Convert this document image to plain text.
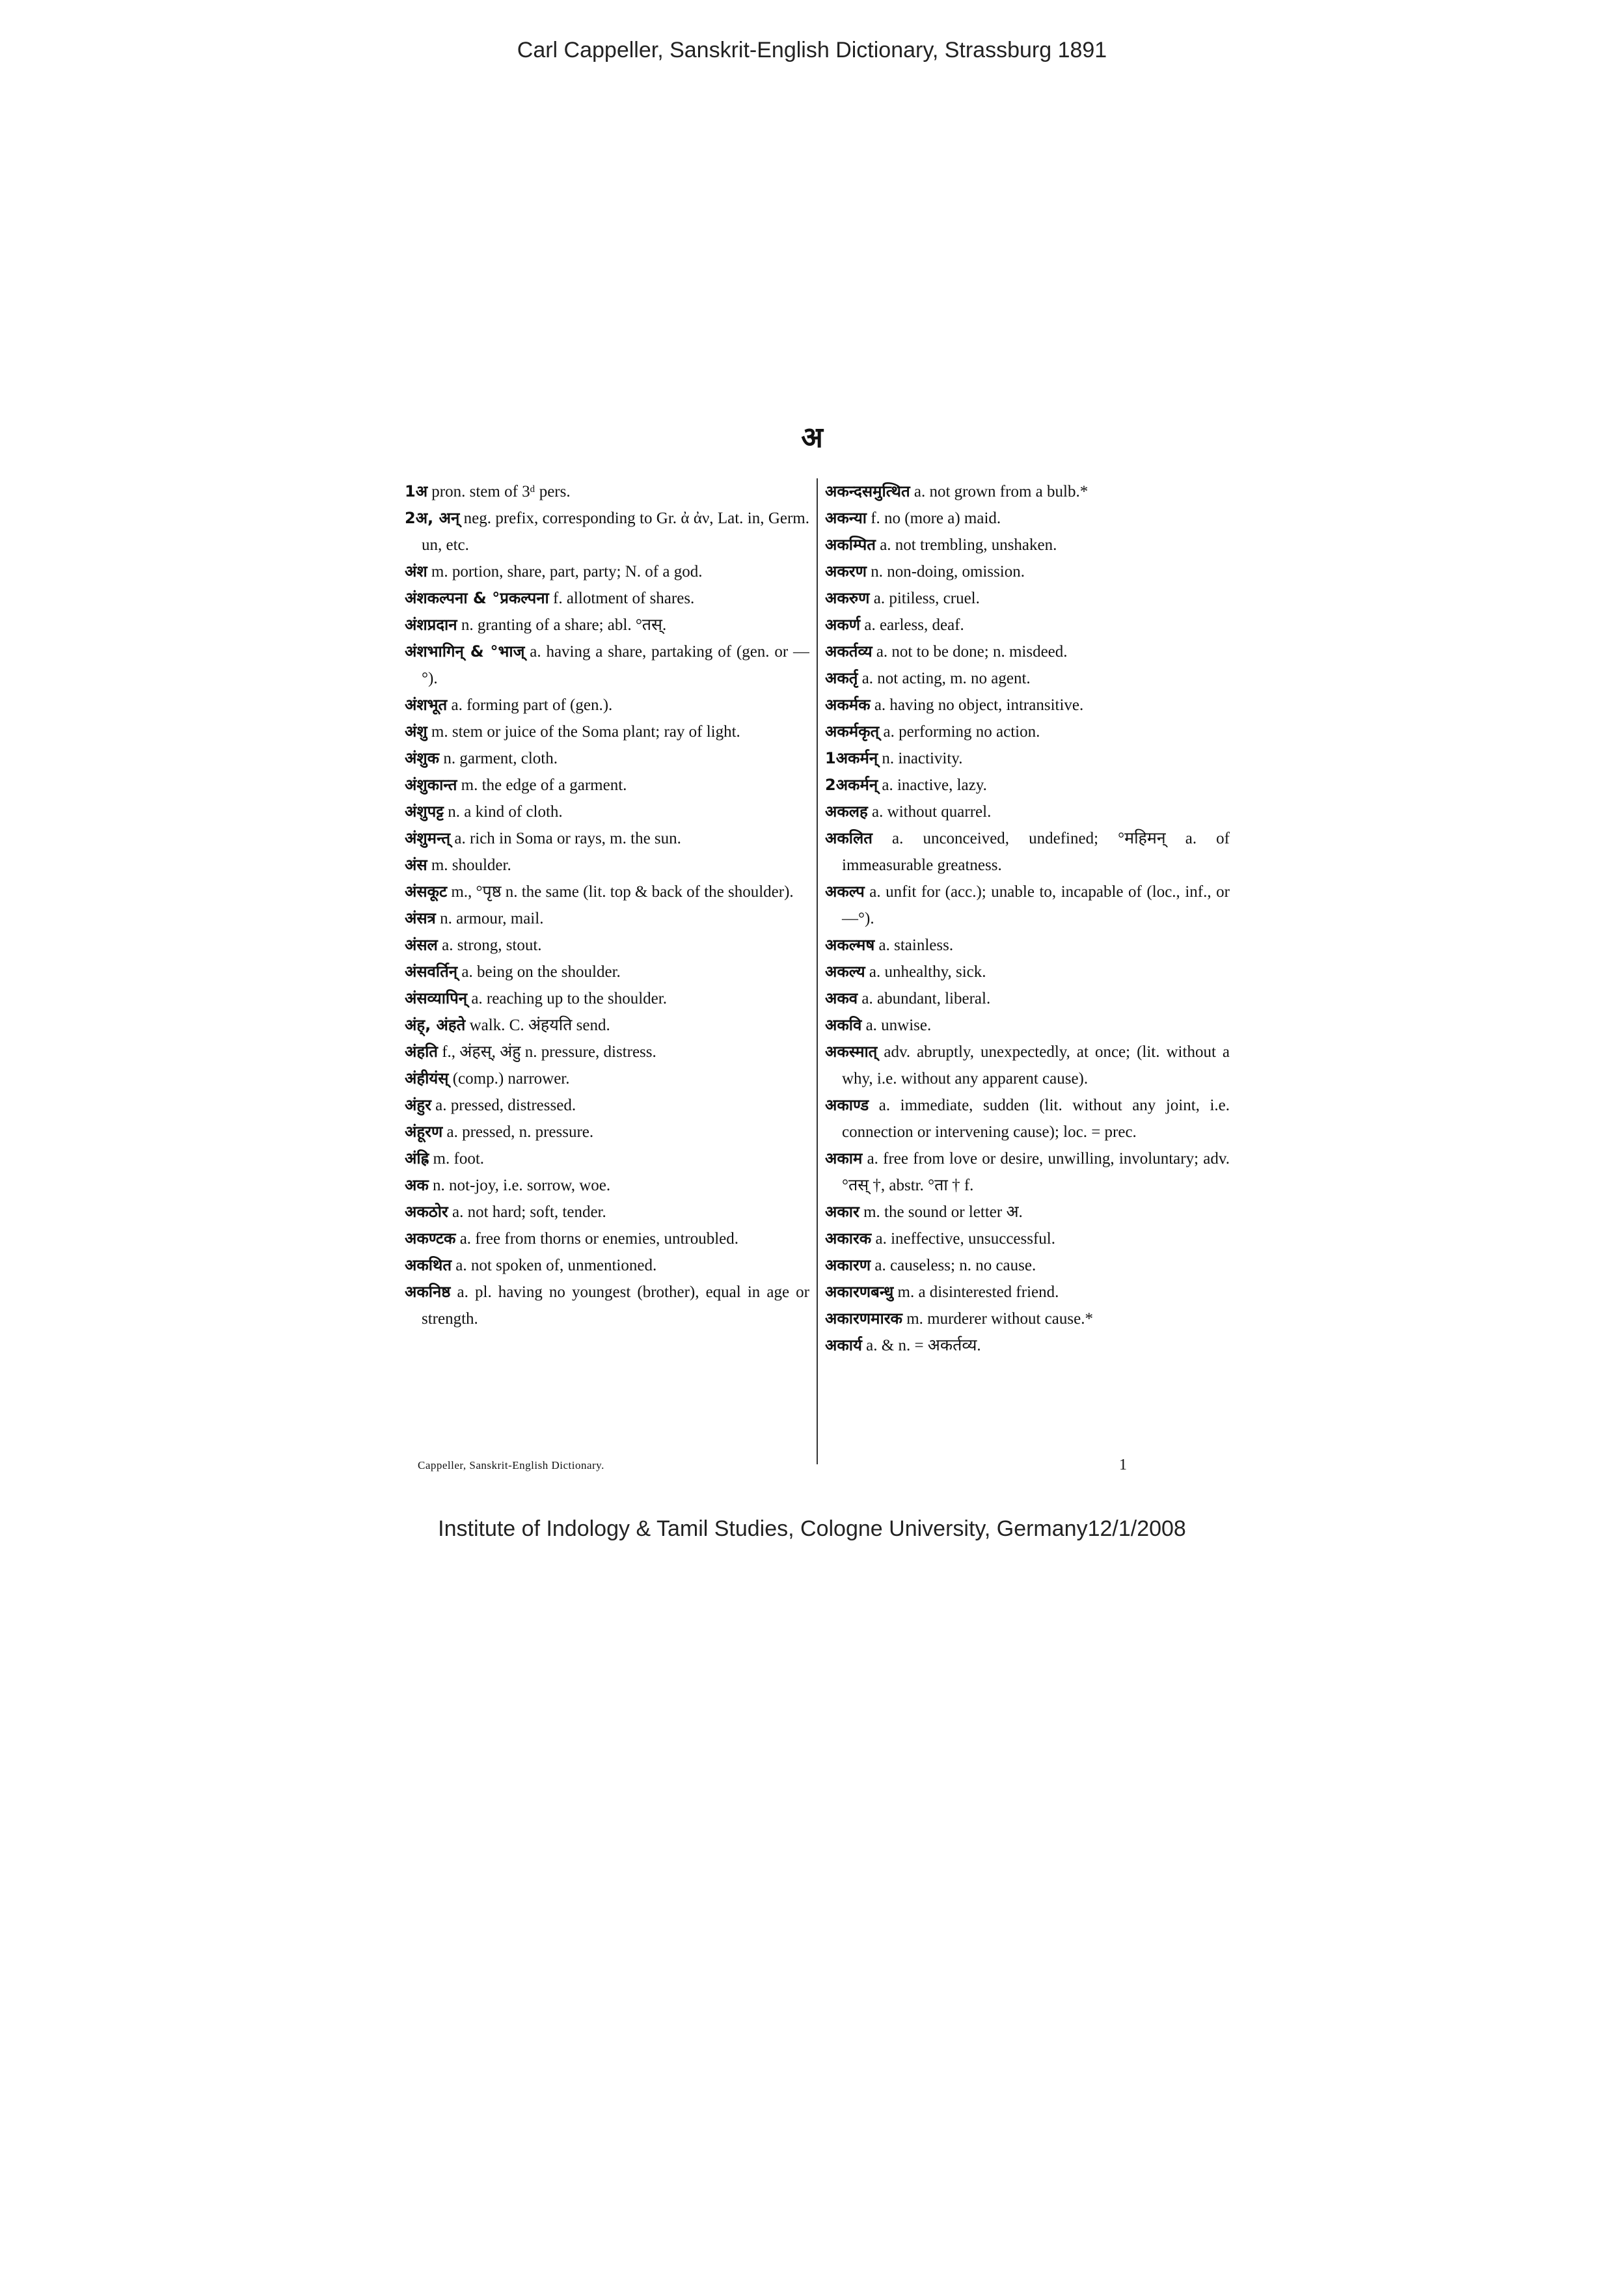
Carl Cappeller, Sanskrit-English Dictionary, Strassburg 1891
अ

1अ pron. stem of 3ᵈ pers.

2अ, अन् neg. prefix, corresponding to Gr. ἀ ἀν, Lat. in, Germ. un, etc.

अंश m. portion, share, part, party; N. of a god.

अंशकल्पना & °प्रकल्पना f. allotment of shares.

अंशप्रदान n. granting of a share; abl. °तस्.

अंशभागिन् & °भाज् a. having a share, partaking of (gen. or —°).

अंशभूत a. forming part of (gen.).

अंशु m. stem or juice of the Soma plant; ray of light.

अंशुक n. garment, cloth.

अंशुकान्त m. the edge of a garment.

अंशुपट्ट n. a kind of cloth.

अंशुमन्त् a. rich in Soma or rays, m. the sun.

अंस m. shoulder.

अंसकूट m., °पृष्ठ n. the same (lit. top & back of the shoulder).

अंसत्र n. armour, mail.

अंसल a. strong, stout.

अंसवर्तिन् a. being on the shoulder.

अंसव्यापिन् a. reaching up to the shoulder.

अंह्, अंहते walk. C. अंहयति send.

अंहति f., अंहस्, अंहु n. pressure, distress.

अंहीयंस् (comp.) narrower.

अंहुर a. pressed, distressed.

अंहूरण a. pressed, n. pressure.

अंह्रि m. foot.

अक n. not-joy, i.e. sorrow, woe.

अकठोर a. not hard; soft, tender.

अकण्टक a. free from thorns or enemies, untroubled.

अकथित a. not spoken of, unmentioned.

अकनिष्ठ a. pl. having no youngest (brother), equal in age or strength.

अकन्दसमुत्थित a. not grown from a bulb.*

अकन्या f. no (more a) maid.

अकम्पित a. not trembling, unshaken.

अकरण n. non-doing, omission.

अकरुण a. pitiless, cruel.

अकर्ण a. earless, deaf.

अकर्तव्य a. not to be done; n. misdeed.

अकर्तृ a. not acting, m. no agent.

अकर्मक a. having no object, intransitive.

अकर्मकृत् a. performing no action.

1अकर्मन् n. inactivity.

2अकर्मन् a. inactive, lazy.

अकलह a. without quarrel.

अकलित a. unconceived, undefined; °महिमन् a. of immeasurable greatness.

अकल्प a. unfit for (acc.); unable to, incapable of (loc., inf., or —°).

अकल्मष a. stainless.

अकल्य a. unhealthy, sick.

अकव a. abundant, liberal.

अकवि a. unwise.

अकस्मात् adv. abruptly, unexpectedly, at once; (lit. without a why, i.e. without any apparent cause).

अकाण्ड a. immediate, sudden (lit. without any joint, i.e. connection or intervening cause); loc. = prec.

अकाम a. free from love or desire, unwilling, involuntary; adv. °तस् †, abstr. °ता † f.

अकार m. the sound or letter अ.

अकारक a. ineffective, unsuccessful.

अकारण a. causeless; n. no cause.

अकारणबन्धु m. a disinterested friend.

अकारणमारक m. murderer without cause.*

अकार्य a. & n. = अकर्तव्य.

Cappeller, Sanskrit-English Dictionary.	1
Institute of Indology & Tamil Studies, Cologne University, Germany12/1/2008
